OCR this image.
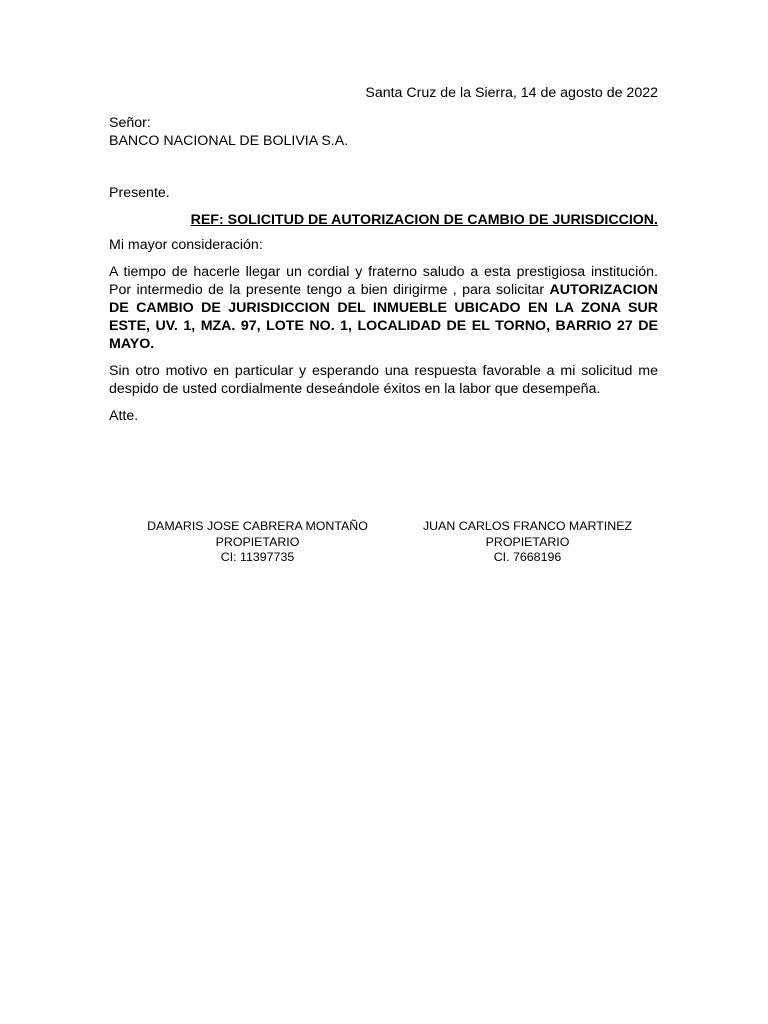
Santa Cruz de la Sierra, 14 de agosto de 2022

Señor:
BANCO NACIONAL DE BOLIVIA S.A.

Presente.

REF: SOLICITUD DE AUTORIZACION DE CAMBIO DE JURISDICCION.

Mi mayor consideración:

A tiempo de hacerle llegar un cordial y fraterno saludo a esta prestigiosa institución. Por intermedio de la presente tengo a bien dirigirme , para solicitar AUTORIZACION DE CAMBIO DE JURISDICCION DEL INMUEBLE UBICADO EN LA ZONA SUR ESTE, UV. 1, MZA. 97, LOTE NO. 1, LOCALIDAD DE EL TORNO, BARRIO 27 DE MAYO.

Sin otro motivo en particular y esperando una respuesta favorable a mi solicitud me despido de usted cordialmente deseándole éxitos en la labor que desempeña.

Atte.

DAMARIS JOSE CABRERA MONTAÑO
PROPIETARIO
CI: 11397735
JUAN CARLOS FRANCO MARTINEZ
PROPIETARIO
CI. 7668196
